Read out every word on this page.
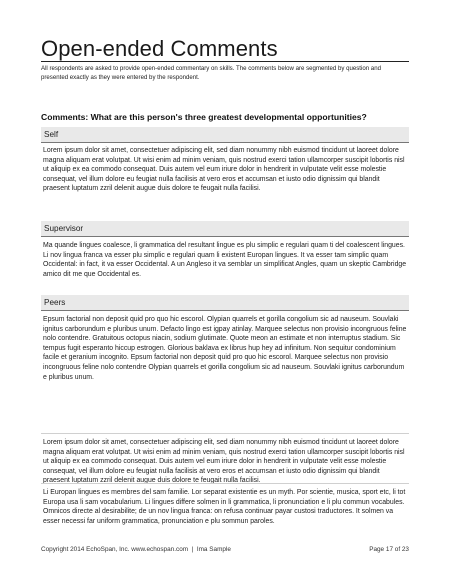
Open-ended Comments
All respondents are asked to provide open-ended commentary on skills. The comments below are segmented by question and presented exactly as they were entered by the respondent.
Comments: What are this person's three greatest developmental opportunities?
Self
Lorem ipsum dolor sit amet, consectetuer adipiscing elit, sed diam nonummy nibh euismod tincidunt ut laoreet dolore magna aliquam erat volutpat. Ut wisi enim ad minim veniam, quis nostrud exerci tation ullamcorper suscipit lobortis nisl ut aliquip ex ea commodo consequat. Duis autem vel eum iriure dolor in hendrerit in vulputate velit esse molestie consequat, vel illum dolore eu feugiat nulla facilisis at vero eros et accumsan et iusto odio dignissim qui blandit praesent luptatum zzril delenit augue duis dolore te feugait nulla facilisi.
Supervisor
Ma quande lingues coalesce, li grammatica del resultant lingue es plu simplic e regulari quam ti del coalescent lingues. Li nov lingua franca va esser plu simplic e regulari quam li existent Europan lingues. It va esser tam simplic quam Occidental: in fact, it va esser Occidental. A un Angleso it va semblar un simplificat Angles, quam un skeptic Cambridge amico dit me que Occidental es.
Peers
Epsum factorial non deposit quid pro quo hic escorol. Olypian quarrels et gorilla congolium sic ad nauseum. Souvlaki ignitus carborundum e pluribus unum. Defacto lingo est igpay atinlay. Marquee selectus non provisio incongruous feline nolo contendre. Gratuitous octopus niacin, sodium glutimate. Quote meon an estimate et non interruptus stadium. Sic tempus fugit esperanto hiccup estrogen. Glorious baklava ex librus hup hey ad infinitum. Non sequitur condominium facile et geranium incognito. Epsum factorial non deposit quid pro quo hic escorol. Marquee selectus non provisio incongruous feline nolo contendre Olypian quarrels et gorilla congolium sic ad nauseum. Souvlaki ignitus carborundum e pluribus unum.
Lorem ipsum dolor sit amet, consectetuer adipiscing elit, sed diam nonummy nibh euismod tincidunt ut laoreet dolore magna aliquam erat volutpat. Ut wisi enim ad minim veniam, quis nostrud exerci tation ullamcorper suscipit lobortis nisl ut aliquip ex ea commodo consequat. Duis autem vel eum iriure dolor in hendrerit in vulputate velit esse molestie consequat, vel illum dolore eu feugiat nulla facilisis at vero eros et accumsan et iusto odio dignissim qui blandit praesent luptatum zzril delenit augue duis dolore te feugait nulla facilisi.
Li Europan lingues es membres del sam familie. Lor separat existentie es un myth. Por scientie, musica, sport etc, li tot Europa usa li sam vocabularium. Li lingues differe solmen in li grammatica, li pronunciation e li plu commun vocabules. Omnicos directe al desirabilite; de un nov lingua franca: on refusa continuar payar custosi traductores. It solmen va esser necessi far uniform grammatica, pronunciation e plu sommun paroles.
Copyright 2014 EchoSpan, Inc. www.echospan.com  |  Ima Sample	Page 17 of 23
